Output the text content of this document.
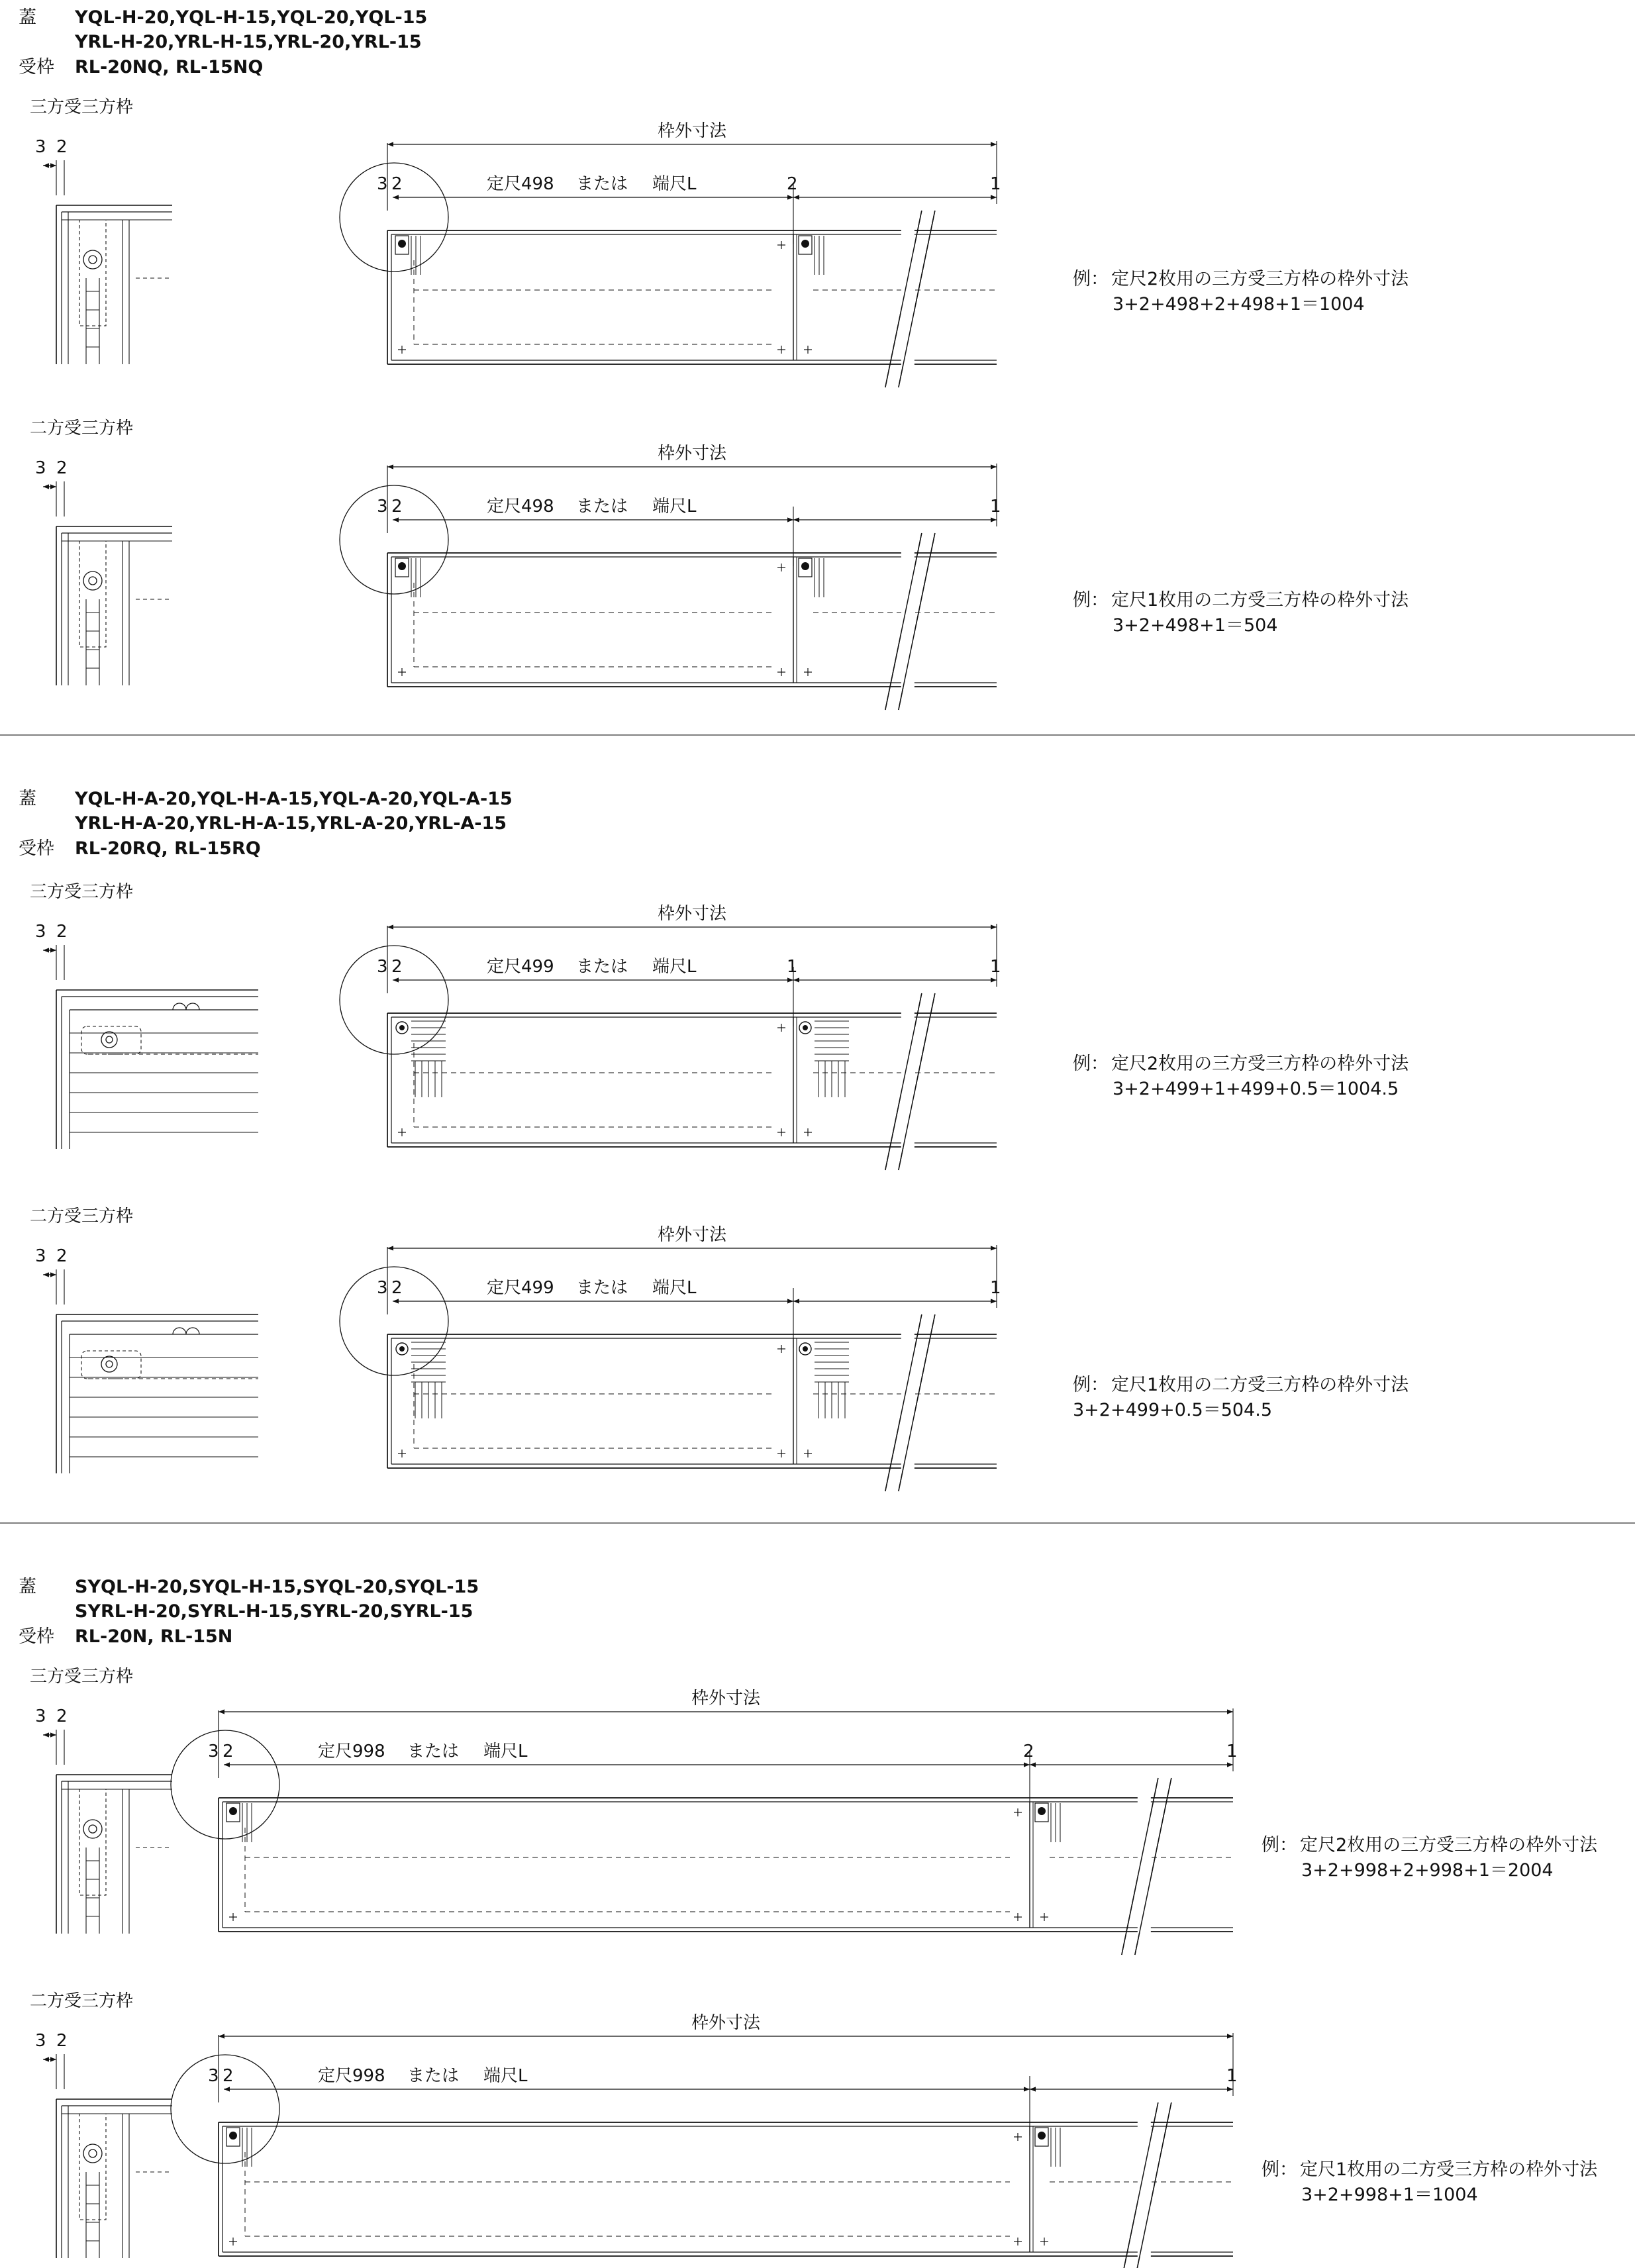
蓋 YQL-H-20,YQL-H-15,YQL-20,YQL-15
YRL-H-20,YRL-H-15,YRL-20,YRL-15
受枠 RL-20NQ, RL-15NQ
三方受三方枠
3 2
枠外寸法
3 2	定尺498 または 端尺L	2	1
例： 定尺2枚用の三方受三方枠の枠外寸法
3+2+498+2+498+1＝1004
二方受三方枠
3 2
枠外寸法
3 2	定尺498 または 端尺L	1
例： 定尺1枚用の二方受三方枠の枠外寸法
3+2+498+1＝504
蓋 YQL-H-A-20,YQL-H-A-15,YQL-A-20,YQL-A-15
YRL-H-A-20,YRL-H-A-15,YRL-A-20,YRL-A-15
受枠 RL-20RQ, RL-15RQ
三方受三方枠
3 2
枠外寸法
3 2	定尺499 または 端尺L	1	1
例： 定尺2枚用の三方受三方枠の枠外寸法
3+2+499+1+499+0.5＝1004.5
二方受三方枠
3 2
枠外寸法
3 2	定尺499 または 端尺L	1
例： 定尺1枚用の二方受三方枠の枠外寸法
3+2+499+0.5＝504.5
蓋 SYQL-H-20,SYQL-H-15,SYQL-20,SYQL-15
SYRL-H-20,SYRL-H-15,SYRL-20,SYRL-15
受枠 RL-20N, RL-15N
三方受三方枠
3 2
枠外寸法
3 2	定尺998 または 端尺L	2	1
例： 定尺2枚用の三方受三方枠の枠外寸法
3+2+998+2+998+1＝2004
二方受三方枠
3 2
枠外寸法
3 2	定尺998 または 端尺L	1
例： 定尺1枚用の二方受三方枠の枠外寸法
3+2+998+1＝1004
